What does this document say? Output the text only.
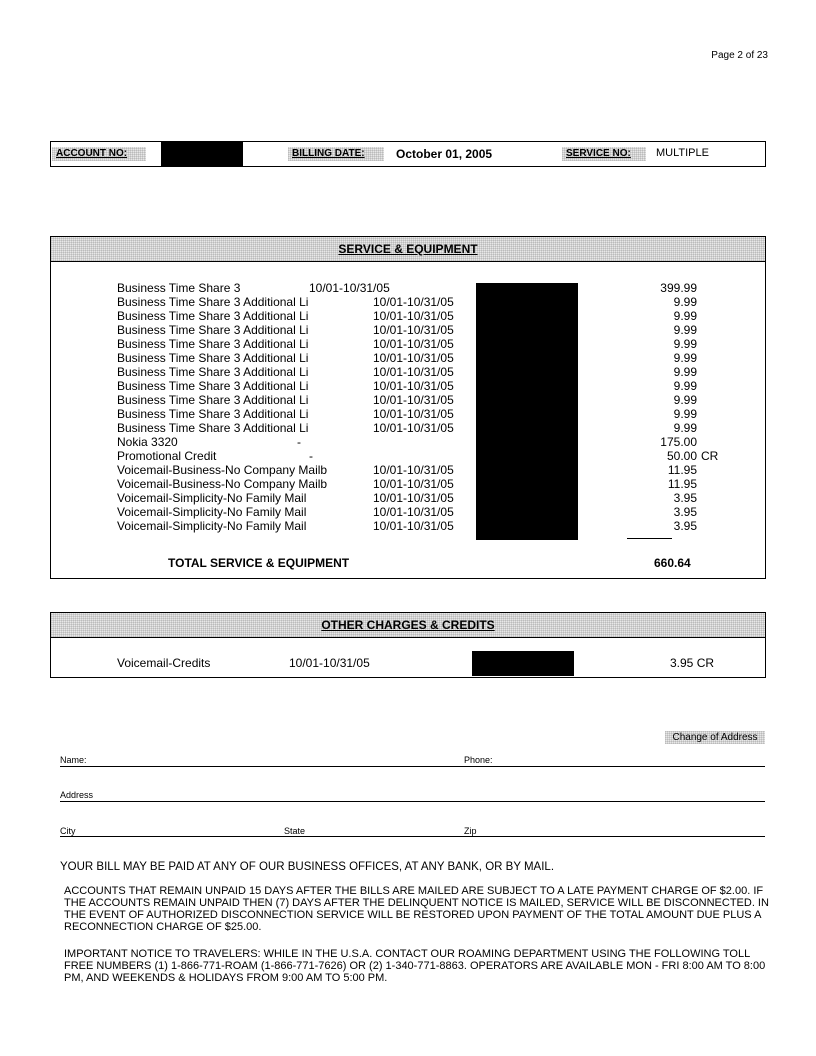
Page 2 of 23
ACCOUNT NO:	BILLING DATE:	October 01, 2005	SERVICE NO:	MULTIPLE
SERVICE & EQUIPMENT
Business Time Share 3	10/01-10/31/05	399.99
Business Time Share 3 Additional Li	10/01-10/31/05	9.99
Business Time Share 3 Additional Li	10/01-10/31/05	9.99
Business Time Share 3 Additional Li	10/01-10/31/05	9.99
Business Time Share 3 Additional Li	10/01-10/31/05	9.99
Business Time Share 3 Additional Li	10/01-10/31/05	9.99
Business Time Share 3 Additional Li	10/01-10/31/05	9.99
Business Time Share 3 Additional Li	10/01-10/31/05	9.99
Business Time Share 3 Additional Li	10/01-10/31/05	9.99
Business Time Share 3 Additional Li	10/01-10/31/05	9.99
Business Time Share 3 Additional Li	10/01-10/31/05	9.99
Nokia 3320	-	175.00
Promotional Credit	-	50.00 CR
Voicemail-Business-No Company Mailb	10/01-10/31/05	11.95
Voicemail-Business-No Company Mailb	10/01-10/31/05	11.95
Voicemail-Simplicity-No Family Mail	10/01-10/31/05	3.95
Voicemail-Simplicity-No Family Mail	10/01-10/31/05	3.95
Voicemail-Simplicity-No Family Mail	10/01-10/31/05	3.95
TOTAL SERVICE & EQUIPMENT	660.64
OTHER CHARGES & CREDITS
Voicemail-Credits	10/01-10/31/05	3.95 CR
Change of Address
Name:	Phone:
Address
City	State	Zip
YOUR BILL MAY BE PAID AT ANY OF OUR BUSINESS OFFICES, AT ANY BANK, OR BY MAIL.
ACCOUNTS THAT REMAIN UNPAID 15 DAYS AFTER THE BILLS ARE MAILED ARE SUBJECT TO A LATE PAYMENT CHARGE OF $2.00. IF THE ACCOUNTS REMAIN UNPAID THEN (7) DAYS AFTER THE DELINQUENT NOTICE IS MAILED, SERVICE WILL BE DISCONNECTED. IN THE EVENT OF AUTHORIZED DISCONNECTION SERVICE WILL BE RESTORED UPON PAYMENT OF THE TOTAL AMOUNT DUE PLUS A RECONNECTION CHARGE OF $25.00.
IMPORTANT NOTICE TO TRAVELERS: WHILE IN THE U.S.A. CONTACT OUR ROAMING DEPARTMENT USING THE FOLLOWING TOLL FREE NUMBERS (1) 1-866-771-ROAM (1-866-771-7626) OR (2) 1-340-771-8863. OPERATORS ARE AVAILABLE MON - FRI 8:00 AM TO 8:00 PM, AND WEEKENDS & HOLIDAYS FROM 9:00 AM TO 5:00 PM.
